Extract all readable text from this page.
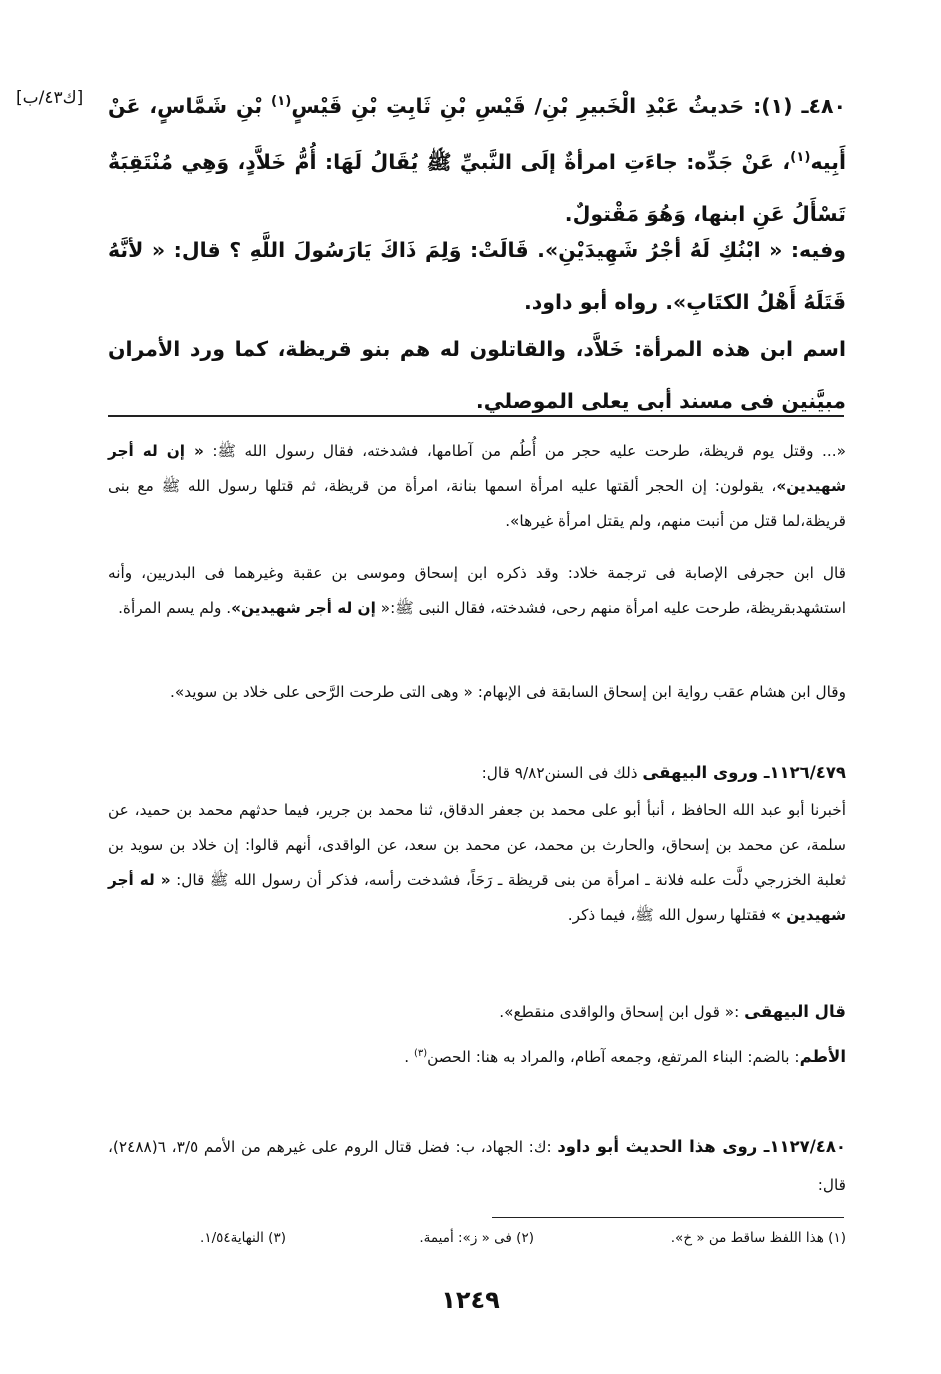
[ك٤٣/ب]	٤٨٠ـ (١): حَديثُ عَبْدِ الْخَبيرِ بْنِ/ قَيْسِ بْنِ ثَابِتِ بْنِ قَيْسٍ$^{(١)}$ بْنِ شَمَّاسٍ، عَنْ أَبِيه$^{(١)}$، عَنْ جَدِّه: جاءَتِ امرأةٌ إلَى النَّبيِّ ﷺ يُقَالُ لَهَا: أُمُّ خَلاَّدٍ، وَهِي مُنْتَقِبَةٌ تَسْأَلُ عَنِ ابنها، وَهُوَ مَقْتولٌ.
وفيه: « ابْنُكِ لَهُ أجْرُ شَهِيدَيْنِ». قَالَتْ: وَلِمَ ذَاكَ يَارَسُولَ اللَّهِ ؟ قال: « لأنَّهُ قَتَلَهُ أَهْلُ الكتَابِ». رواه أبو داود.
اسم ابن هذه المرأة: خَلاَّد، والقاتلون له هم بنو قريظة، كما ورد الأمران مبيَّنين فى مسند أبى يعلى الموصلي.
«... وقتل يوم قريظة، طرحت عليه حجر من أُطُم من آطامها، فشدخته، فقال رسول الله ﷺ: « إن له أجر شهيدين»، يقولون: إن الحجر ألقتها عليه امرأة اسمها بنانة، امرأة من قريظة، ثم قتلها رسول الله ﷺ مع بنى قريظة،لما قتل من أنبت منهم، ولم يقتل امرأة غيرها».
قال ابن حجرفى الإصابة فى ترجمة خلاد: وقد ذكره ابن إسحاق وموسى بن عقبة وغيرهما فى البدريين، وأنه استشهدبقريظة، طرحت عليه امرأة منهم رحى، فشدخته، فقال النبى ﷺ:« إن له أجر شهيدين». ولم يسم المرأة.
وقال ابن هشام عقب رواية ابن إسحاق السابقة فى الإبهام: « وهى التى طرحت الرَّحى على خلاد بن سويد».
١١٢٦/٤٧٩ـ وروى البيهقى ذلك فى السنن٩/٨٢ قال:
أخبرنا أبو عبد الله الحافظ ، أنبأ أبو على محمد بن جعفر الدقاق، ثنا محمد بن جرير، فيما حدثهم محمد بن حميد، عن سلمة، عن محمد بن إسحاق، والحارث بن محمد، عن محمد بن سعد، عن الواقدى، أنهم قالوا: إن خلاد بن سويد بن ثعلبة الخزرجي دلَّت علىه فلانة ـ امرأة من بنى قريظة ـ رَحَاً، فشدخت رأسه، فذكر أن رسول الله ﷺ قال: « له أجر شهيدين » فقتلها رسول الله ﷺ، فيما ذكر.
قال البيهقى :« قول ابن إسحاق والواقدى منقطع».
الأطم: بالضم: البناء المرتفع، وجمعه آطام، والمراد به هنا: الحصن$^{(٣)}$ .
١١٢٧/٤٨٠ـ روى هذا الحديث أبو داود :ك: الجهاد، ب: فضل قتال الروم على غيرهم من الأمم ٣/٥، ٦(٢٤٨٨)، قال:
(١) هذا اللفظ ساقط من « خ».
(٢) فى « ز»: أميمة.
(٣) النهاية١/٥٤.
١٢٤٩
